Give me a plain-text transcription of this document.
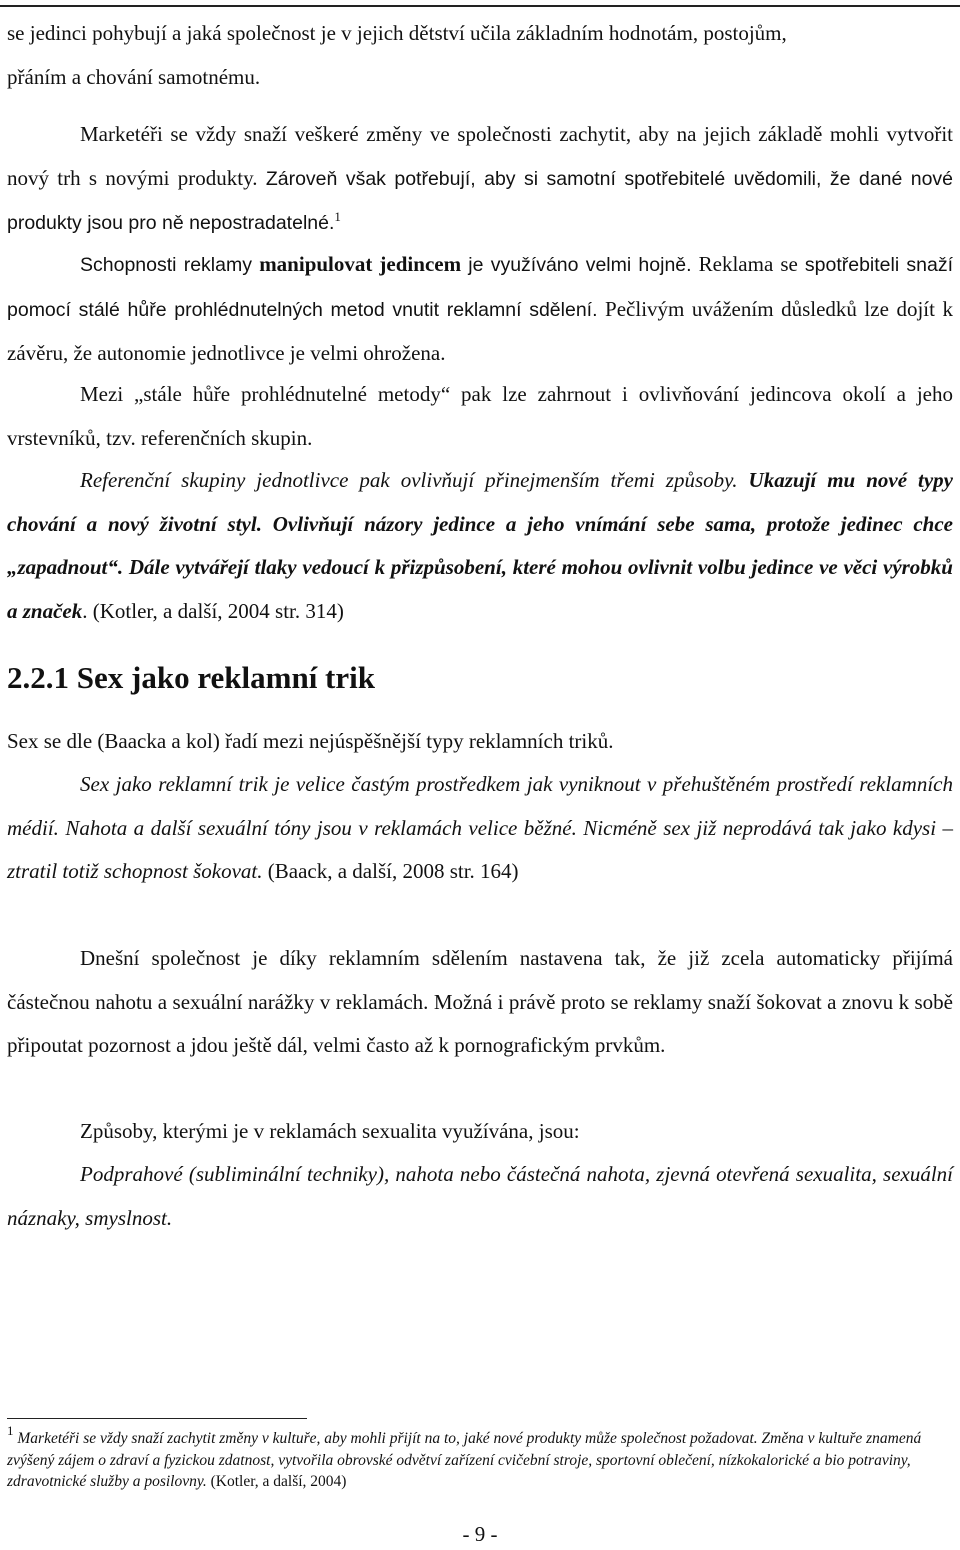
se jedinci pohybují a jaká společnost je v jejich dětství učila základním hodnotám, postojům,
přáním a chování samotnému.

Marketéři se vždy snaží veškeré změny ve společnosti zachytit, aby na jejich základě mohli vytvořit nový trh s novými produkty. Zároveň však potřebují, aby si samotní spotřebitelé uvědomili, že dané nové produkty jsou pro ně nepostradatelné.$^1$

Schopnosti reklamy manipulovat jedincem je využíváno velmi hojně. Reklama se spotřebiteli snaží pomocí stálé hůře prohlédnutelných metod vnutit reklamní sdělení. Pečlivým uvážením důsledků lze dojít k závěru, že autonomie jednotlivce je velmi ohrožena.

Mezi „stále hůře prohlédnutelné metody“ pak lze zahrnout i ovlivňování jedincova okolí a jeho vrstevníků, tzv. referenčních skupin.

Referenční skupiny jednotlivce pak ovlivňují přinejmenším třemi způsoby. Ukazují mu nové typy chování a nový životní styl. Ovlivňují názory jedince a jeho vnímání sebe sama, protože jedinec chce „zapadnout“. Dále vytvářejí tlaky vedoucí k přizpůsobení, které mohou ovlivnit volbu jedince ve věci výrobků a značek. (Kotler, a další, 2004 str. 314)

2.2.1 Sex jako reklamní trik

Sex se dle (Baacka a kol) řadí mezi nejúspěšnější typy reklamních triků.

Sex jako reklamní trik je velice častým prostředkem jak vyniknout v přehuštěném prostředí reklamních médií. Nahota a další sexuální tóny jsou v reklamách velice běžné. Nicméně sex již neprodává tak jako kdysi – ztratil totiž schopnost šokovat. (Baack, a další, 2008 str. 164)

Dnešní společnost je díky reklamním sdělením nastavena tak, že již zcela automaticky přijímá částečnou nahotu a sexuální narážky v reklamách. Možná i právě proto se reklamy snaží šokovat a znovu k sobě připoutat pozornost a jdou ještě dál, velmi často až k pornografickým prvkům.

Způsoby, kterými je v reklamách sexualita využívána, jsou:

Podprahové (subliminální techniky), nahota nebo částečná nahota, zjevná otevřená sexualita, sexuální náznaky, smyslnost.

$^1$ Marketéři se vždy snaží zachytit změny v kultuře, aby mohli přijít na to, jaké nové produkty může společnost požadovat. Změna v kultuře znamená zvýšený zájem o zdraví a fyzickou zdatnost, vytvořila obrovské odvětví zařízení cvičební stroje, sportovní oblečení, nízkokalorické a bio potraviny, zdravotnické služby a posilovny. (Kotler, a další, 2004)

- 9 -
